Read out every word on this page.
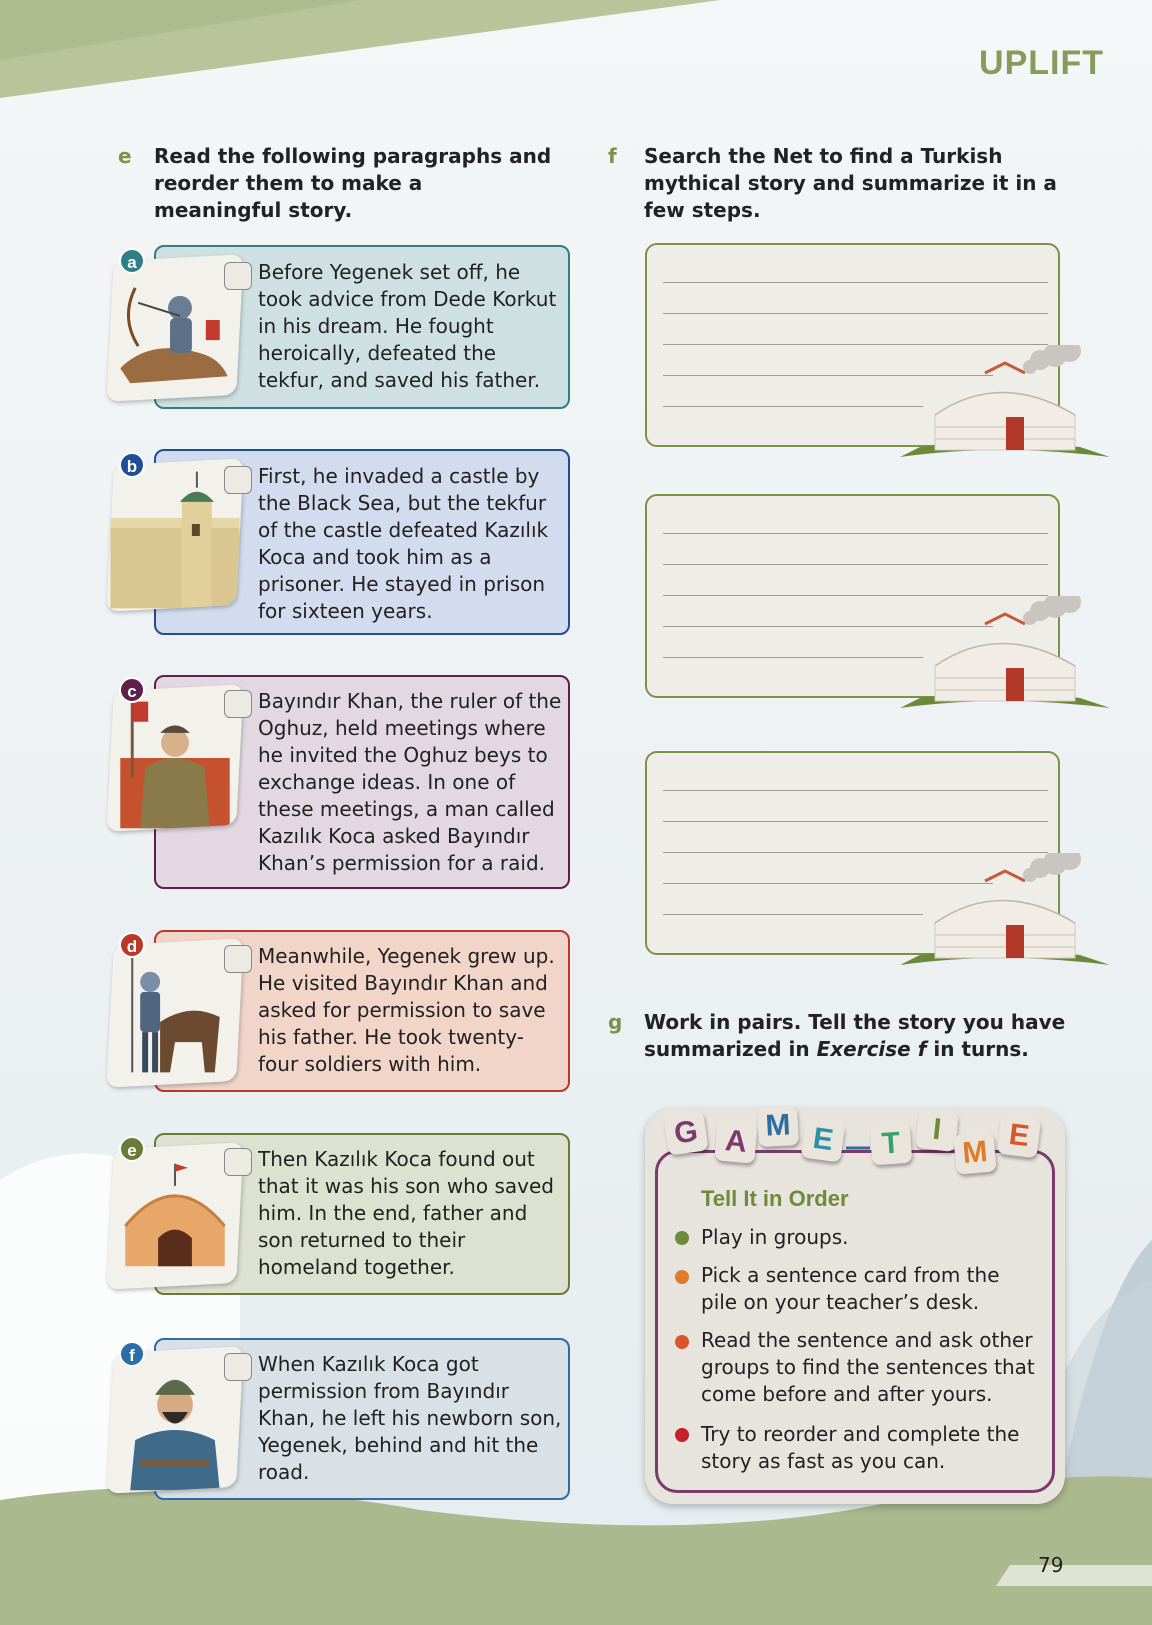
UPLIFT
e Read the following paragraphs and reorder them to make a meaningful story.
a	Before Yegenek set off, he took advice from Dede Korkut in his dream. He fought heroically, defeated the tekfur, and saved his father.
b	First, he invaded a castle by the Black Sea, but the tekfur of the castle defeated Kazılık Koca and took him as a prisoner. He stayed in prison for sixteen years.
c	Bayındır Khan, the ruler of the Oghuz, held meetings where he invited the Oghuz beys to exchange ideas. In one of these meetings, a man called Kazılık Koca asked Bayındır Khan’s permission for a raid.
d	Meanwhile, Yegenek grew up. He visited Bayındır Khan and asked for permission to save his father. He took twenty-four soldiers with him.
e	Then Kazılık Koca found out that it was his son who saved him. In the end, father and son returned to their homeland together.
f	When Kazılık Koca got permission from Bayındır Khan, he left his newborn son, Yegenek, behind and hit the road.
f Search the Net to find a Turkish mythical story and summarize it in a few steps.
g Work in pairs. Tell the story you have summarized in Exercise f in turns.
G A M E	T I
M E
Tell It in Order
Play in groups.
Pick a sentence card from the pile on your teacher’s desk.
Read the sentence and ask other groups to find the sentences that come before and after yours.
Try to reorder and complete the story as fast as you can.
79
